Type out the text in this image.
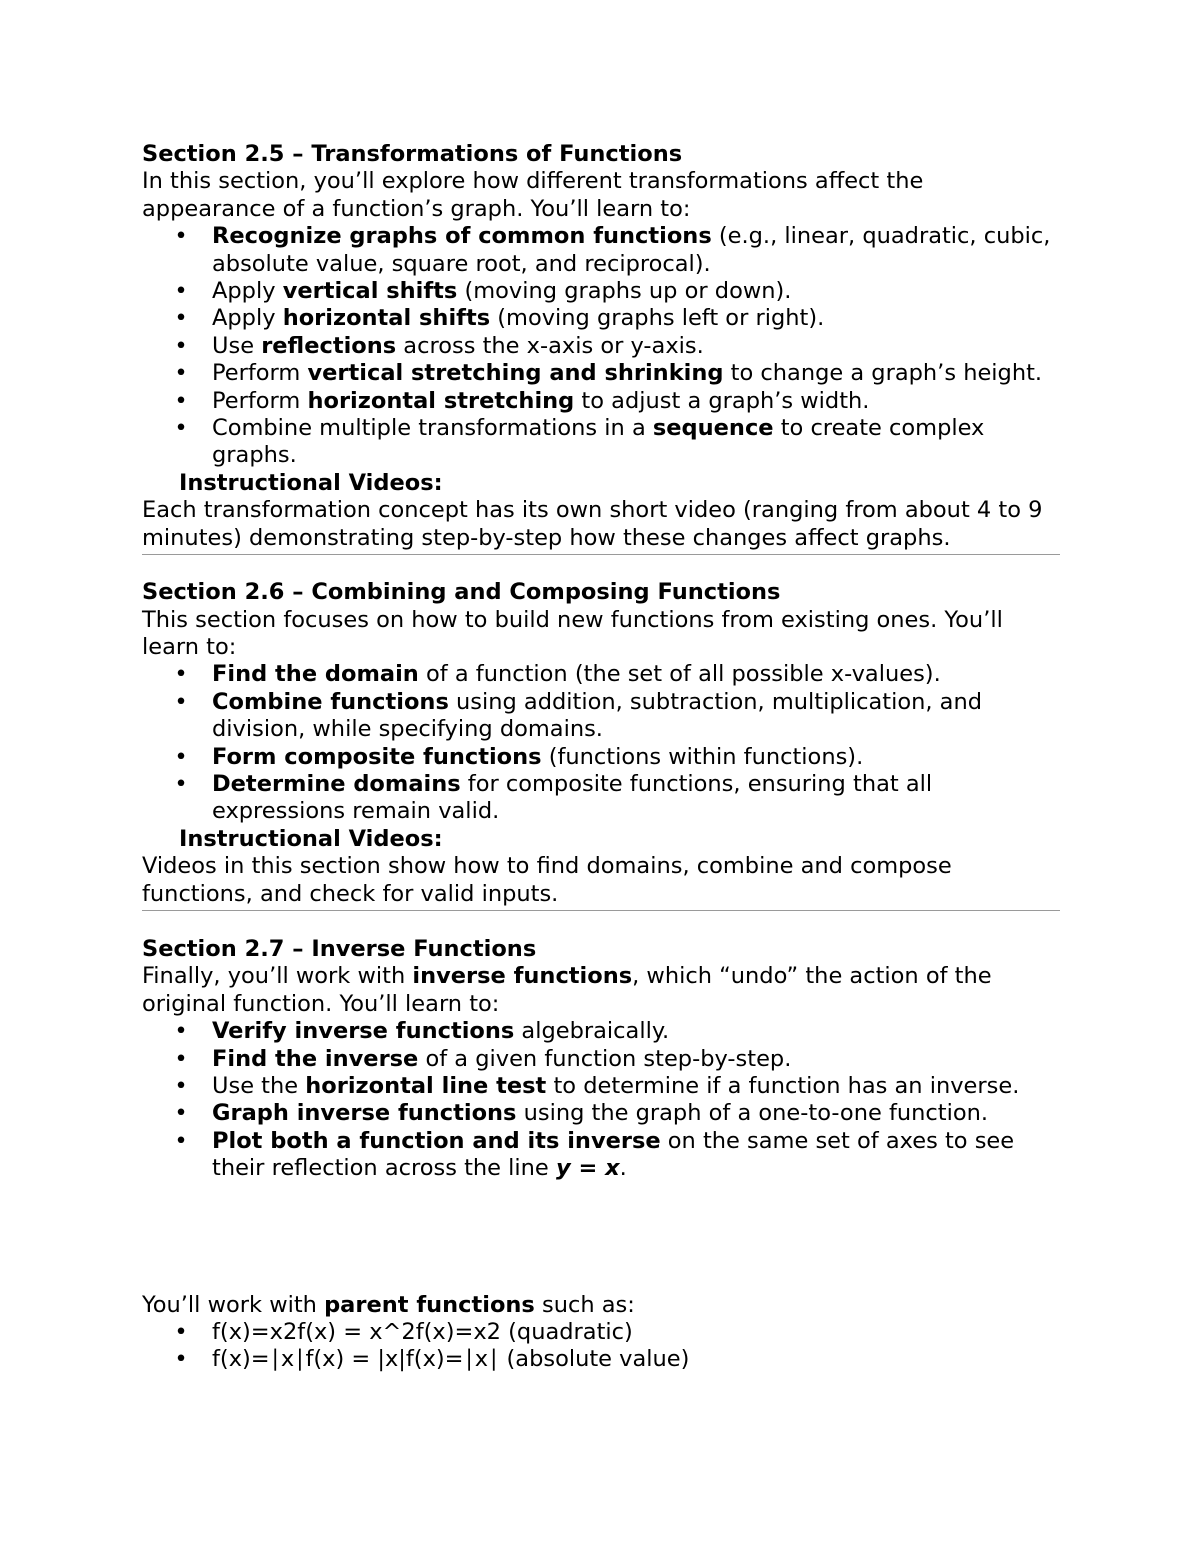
Section 2.5 – Transformations of Functions

In this section, you’ll explore how different transformations affect the appearance of a function’s graph. You’ll learn to:

• Recognize graphs of common functions (e.g., linear, quadratic, cubic, absolute value, square root, and reciprocal).
• Apply vertical shifts (moving graphs up or down).
• Apply horizontal shifts (moving graphs left or right).
• Use reflections across the x-axis or y-axis.
• Perform vertical stretching and shrinking to change a graph’s height.
• Perform horizontal stretching to adjust a graph’s width.
• Combine multiple transformations in a sequence to create complex graphs.

Instructional Videos:

Each transformation concept has its own short video (ranging from about 4 to 9 minutes) demonstrating step-by-step how these changes affect graphs.

Section 2.6 – Combining and Composing Functions

This section focuses on how to build new functions from existing ones. You’ll learn to:

• Find the domain of a function (the set of all possible x-values).
• Combine functions using addition, subtraction, multiplication, and division, while specifying domains.
• Form composite functions (functions within functions).
• Determine domains for composite functions, ensuring that all expressions remain valid.

Instructional Videos:

Videos in this section show how to find domains, combine and compose functions, and check for valid inputs.

Section 2.7 – Inverse Functions

Finally, you’ll work with inverse functions, which “undo” the action of the original function. You’ll learn to:

• Verify inverse functions algebraically.
• Find the inverse of a given function step-by-step.
• Use the horizontal line test to determine if a function has an inverse.
• Graph inverse functions using the graph of a one-to-one function.
• Plot both a function and its inverse on the same set of axes to see their reflection across the line y = x.

You’ll work with parent functions such as:

• f(x)=x2f(x) = x^2f(x)=x2 (quadratic)
• f(x)=∣x∣f(x) = |x|f(x)=∣x∣ (absolute value)
